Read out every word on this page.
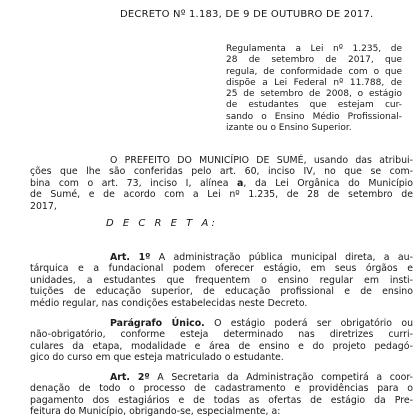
DECRETO Nº 1.183, DE 9 DE OUTUBRO DE 2017.
Regulamenta a Lei nº 1.235, de
28 de setembro de 2017, que
regula, de conformidade com o que
dispõe a Lei Federal nº 11.788, de
25 de setembro de 2008, o estágio
de estudantes que estejam cur-
sando o Ensino Médio Profissional-
izante ou o Ensino Superior.
O PREFEITO DO MUNICÍPIO DE SUMÉ, usando das atribui-
ções que lhe são conferidas pelo art. 60, inciso IV, no que se com-
bina com o art. 73, inciso I, alínea a, da Lei Orgânica do Município
de Sumé, e de acordo com a Lei nº 1.235, de 28 de setembro de
2017,
D E C R E T A:
Art. 1º A administração pública municipal direta, a au-
tárquica e a fundacional podem oferecer estágio, em seus órgãos e
unidades, a estudantes que frequentem o ensino regular em insti-
tuições de educação superior, de educação profissional e de ensino
médio regular, nas condições estabelecidas neste Decreto.
Parágrafo Único. O estágio poderá ser obrigatório ou
não-obrigatório, conforme esteja determinado nas diretrizes curri-
culares da etapa, modalidade e área de ensino e do projeto pedagó-
gico do curso em que esteja matriculado o estudante.
Art. 2º A Secretaria da Administração competirá a coor-
denação de todo o processo de cadastramento e providências para o
pagamento dos estagiários e de todas as ofertas de estágio da Pre-
feitura do Município, obrigando-se, especialmente, a:
